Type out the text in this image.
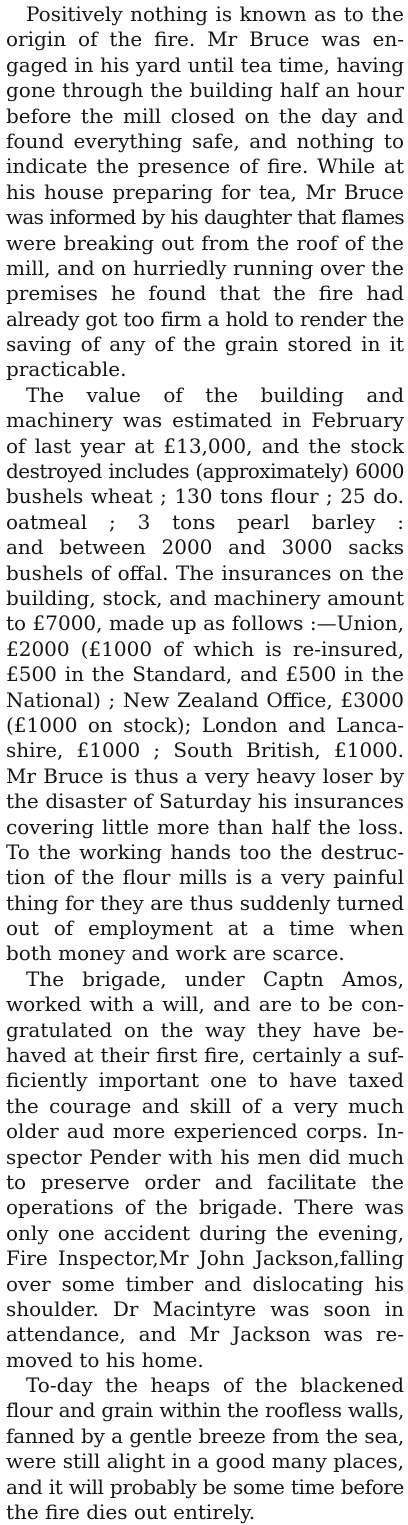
Positively nothing is known as to the
origin of the fire. Mr Bruce was en-
gaged in his yard until tea time, having
gone through the building half an hour
before the mill closed on the day and
found everything safe, and nothing to
indicate the presence of fire. While at
his house preparing for tea, Mr Bruce
was informed by his daughter that flames
were breaking out from the roof of the
mill, and on hurriedly running over the
premises he found that the fire had
already got too firm a hold to render the
saving of any of the grain stored in it
practicable.
The value of the building and
machinery was estimated in February
of last year at £13,000, and the stock
destroyed includes (approximately) 6000
bushels wheat ; 130 tons flour ; 25 do.
oatmeal ; 3 tons pearl barley :
and between 2000 and 3000 sacks
bushels of offal. The insurances on the
building, stock, and machinery amount
to £7000, made up as follows :—Union,
£2000 (£1000 of which is re-insured,
£500 in the Standard, and £500 in the
National) ; New Zealand Office, £3000
(£1000 on stock); London and Lanca-
shire, £1000 ; South British, £1000.
Mr Bruce is thus a very heavy loser by
the disaster of Saturday his insurances
covering little more than half the loss.
To the working hands too the destruc-
tion of the flour mills is a very painful
thing for they are thus suddenly turned
out of employment at a time when
both money and work are scarce.
The brigade, under Captn Amos,
worked with a will, and are to be con-
gratulated on the way they have be-
haved at their first fire, certainly a suf-
ficiently important one to have taxed
the courage and skill of a very much
older aud more experienced corps. In-
spector Pender with his men did much
to preserve order and facilitate the
operations of the brigade. There was
only one accident during the evening,
Fire Inspector,Mr John Jackson,falling
over some timber and dislocating his
shoulder. Dr Macintyre was soon in
attendance, and Mr Jackson was re-
moved to his home.
To-day the heaps of the blackened
flour and grain within the roofless walls,
fanned by a gentle breeze from the sea,
were still alight in a good many places,
and it will probably be some time before
the fire dies out entirely.
